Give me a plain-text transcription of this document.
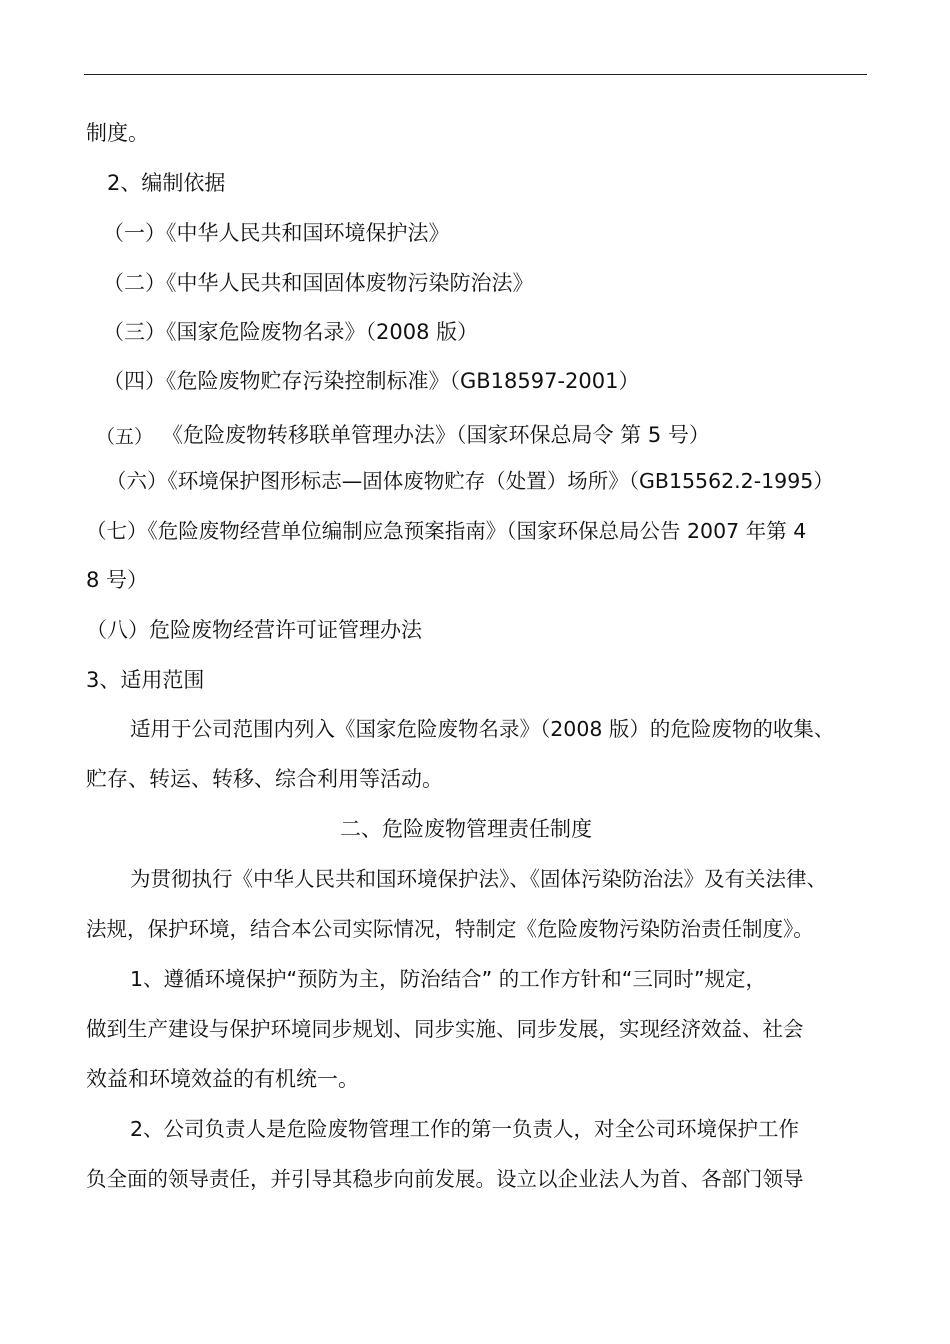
制度。
2、编制依据
（一）《中华人民共和国环境保护法》
（二）《中华人民共和国固体废物污染防治法》
（三）《国家危险废物名录》（2008 版）
（四）《危险废物贮存污染控制标准》（GB18597-2001）
（五） 《危险废物转移联单管理办法》（国家环保总局令 第 5 号）
（六）《环境保护图形标志—固体废物贮存（处置）场所》（GB15562.2-1995）
（七）《危险废物经营单位编制应急预案指南》（国家环保总局公告 2007 年第 4
8 号）
（八）危险废物经营许可证管理办法
3、适用范围
适用于公司范围内列入《国家危险废物名录》（2008 版）的危险废物的收集、
贮存、转运、转移、综合利用等活动。
二、危险废物管理责任制度
为贯彻执行《中华人民共和国环境保护法》、《固体污染防治法》及有关法律、
法规，保护环境，结合本公司实际情况，特制定《危险废物污染防治责任制度》。
1、遵循环境保护“预防为主，防治结合” 的工作方针和“三同时”规定，
做到生产建设与保护环境同步规划、同步实施、同步发展，实现经济效益、社会
效益和环境效益的有机统一。
2、公司负责人是危险废物管理工作的第一负责人，对全公司环境保护工作
负全面的领导责任，并引导其稳步向前发展。设立以企业法人为首、各部门领导
